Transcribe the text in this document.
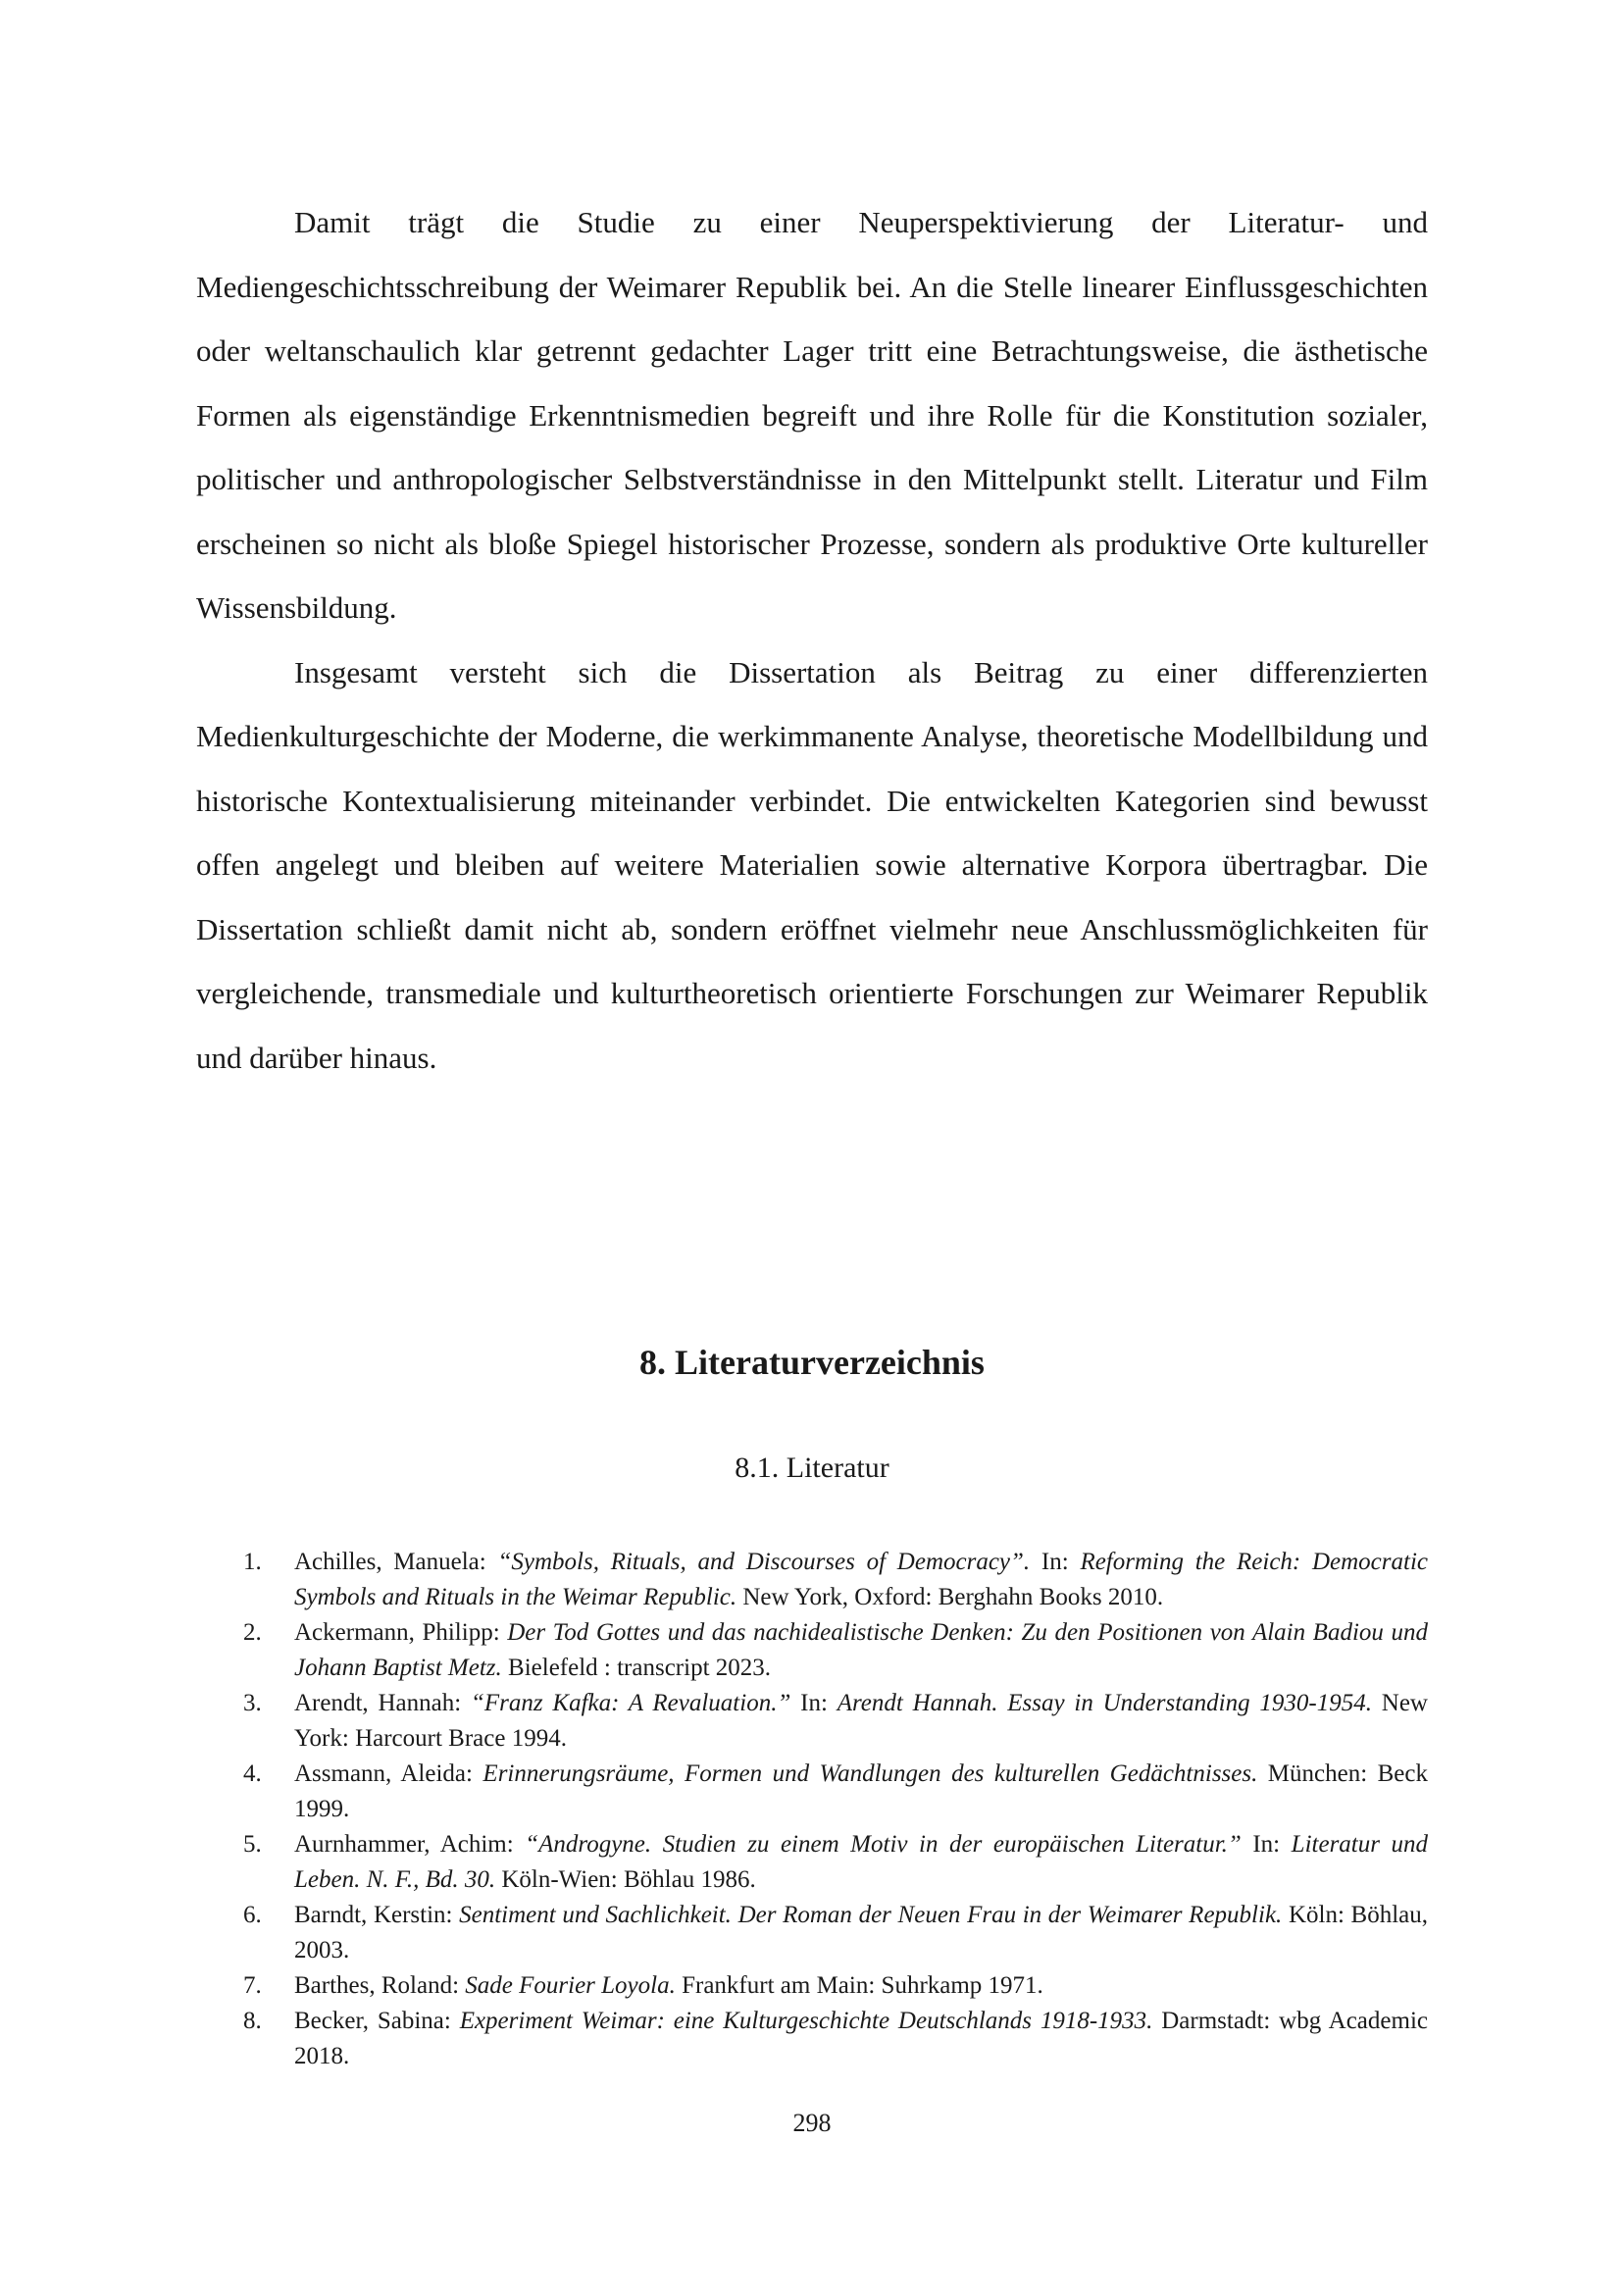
Damit trägt die Studie zu einer Neuperspektivierung der Literatur- und Mediengeschichtsschreibung der Weimarer Republik bei. An die Stelle linearer Einflussgeschichten oder weltanschaulich klar getrennt gedachter Lager tritt eine Betrachtungsweise, die ästhetische Formen als eigenständige Erkenntnismedien begreift und ihre Rolle für die Konstitution sozialer, politischer und anthropologischer Selbstverständnisse in den Mittelpunkt stellt. Literatur und Film erscheinen so nicht als bloße Spiegel historischer Prozesse, sondern als produktive Orte kultureller Wissensbildung.

Insgesamt versteht sich die Dissertation als Beitrag zu einer differenzierten Medienkulturgeschichte der Moderne, die werkimmanente Analyse, theoretische Modellbildung und historische Kontextualisierung miteinander verbindet. Die entwickelten Kategorien sind bewusst offen angelegt und bleiben auf weitere Materialien sowie alternative Korpora übertragbar. Die Dissertation schließt damit nicht ab, sondern eröffnet vielmehr neue Anschlussmöglichkeiten für vergleichende, transmediale und kulturtheoretisch orientierte Forschungen zur Weimarer Republik und darüber hinaus.

8. Literaturverzeichnis
8.1. Literatur
1. Achilles, Manuela: “Symbols, Rituals, and Discourses of Democracy”. In: Reforming the Reich: Democratic Symbols and Rituals in the Weimar Republic. New York, Oxford: Berghahn Books 2010.
2. Ackermann, Philipp: Der Tod Gottes und das nachidealistische Denken: Zu den Positionen von Alain Badiou und Johann Baptist Metz. Bielefeld : transcript 2023.
3. Arendt, Hannah: “Franz Kafka: A Revaluation.” In: Arendt Hannah. Essay in Understanding 1930-1954. New York: Harcourt Brace 1994.
4. Assmann, Aleida: Erinnerungsräume, Formen und Wandlungen des kulturellen Gedächtnisses. München: Beck 1999.
5. Aurnhammer, Achim: “Androgyne. Studien zu einem Motiv in der europäischen Literatur.” In: Literatur und Leben. N. F., Bd. 30. Köln-Wien: Böhlau 1986.
6. Barndt, Kerstin: Sentiment und Sachlichkeit. Der Roman der Neuen Frau in der Weimarer Republik. Köln: Böhlau, 2003.
7. Barthes, Roland: Sade Fourier Loyola. Frankfurt am Main: Suhrkamp 1971.
8. Becker, Sabina: Experiment Weimar: eine Kulturgeschichte Deutschlands 1918-1933. Darmstadt: wbg Academic 2018.
298
